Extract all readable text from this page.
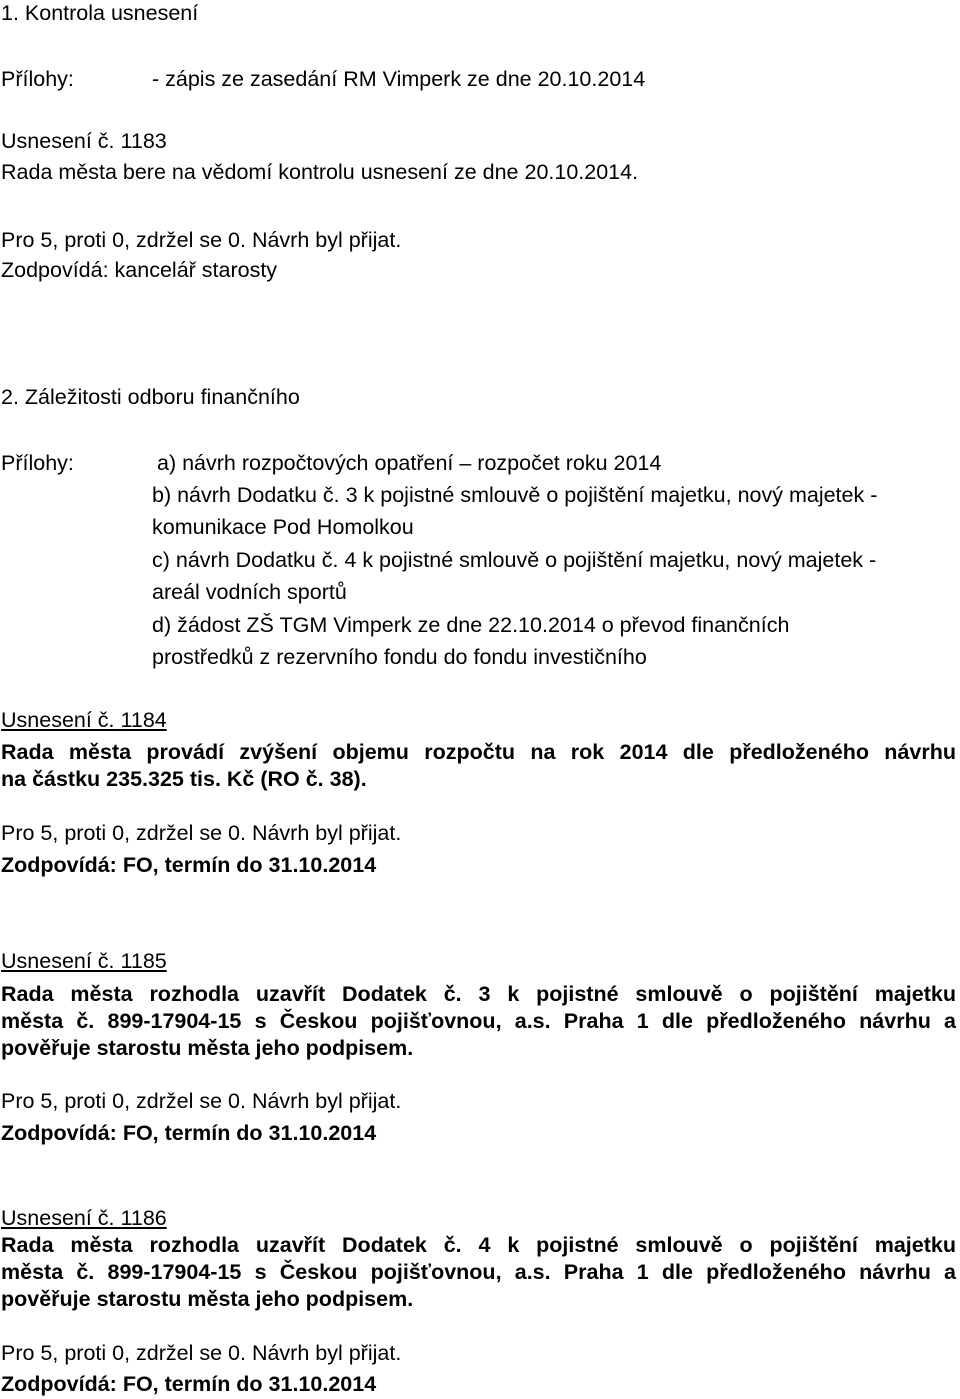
1. Kontrola usnesení
Přílohy:	- zápis ze zasedání RM Vimperk ze dne 20.10.2014
Usnesení č. 1183
Rada města bere na vědomí kontrolu usnesení ze dne 20.10.2014.
Pro 5, proti 0, zdržel se 0. Návrh byl přijat.
Zodpovídá: kancelář starosty
2. Záležitosti odboru finančního
Přílohy:	a) návrh rozpočtových opatření – rozpočet roku 2014
b) návrh Dodatku č. 3 k pojistné smlouvě o pojištění majetku, nový majetek -
komunikace Pod Homolkou
c) návrh Dodatku č. 4 k pojistné smlouvě o pojištění majetku, nový majetek -
areál vodních sportů
d) žádost ZŠ TGM Vimperk ze dne 22.10.2014 o převod finančních
prostředků z rezervního fondu do fondu investičního
Usnesení č. 1184
Rada města provádí zvýšení objemu rozpočtu na rok 2014 dle předloženého návrhu
na částku 235.325 tis. Kč (RO č. 38).
Pro 5, proti 0, zdržel se 0. Návrh byl přijat.
Zodpovídá: FO, termín do 31.10.2014
Usnesení č. 1185
Rada města rozhodla uzavřít Dodatek č. 3 k pojistné smlouvě o pojištění majetku
města č. 899-17904-15 s Českou pojišťovnou, a.s. Praha 1 dle předloženého návrhu a
pověřuje starostu města jeho podpisem.
Pro 5, proti 0, zdržel se 0. Návrh byl přijat.
Zodpovídá: FO, termín do 31.10.2014
Usnesení č. 1186
Rada města rozhodla uzavřít Dodatek č. 4 k pojistné smlouvě o pojištění majetku
města č. 899-17904-15 s Českou pojišťovnou, a.s. Praha 1 dle předloženého návrhu a
pověřuje starostu města jeho podpisem.
Pro 5, proti 0, zdržel se 0. Návrh byl přijat.
Zodpovídá: FO, termín do 31.10.2014
